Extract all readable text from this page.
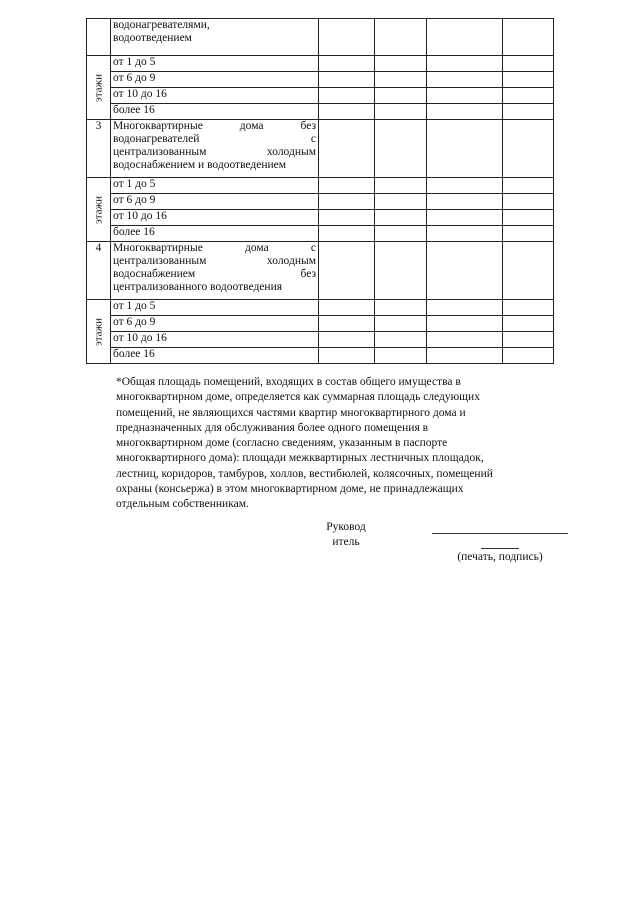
	водонагревателями,
водоотведением				

этажи	от 1 до 5				
	от 6 до 9				
	от 10 до 16				
	более 16				
3	Многоквартирные дома без
водонагревателей с
централизованным холодным
водоснабжением и водоотведением				

этажи	от 1 до 5				
	от 6 до 9				
	от 10 до 16				
	более 16				
4	Многоквартирные дома с
централизованным холодным
водоснабжением без
централизованного водоотведения				

этажи	от 1 до 5				
	от 6 до 9				
	от 10 до 16				
	более 16				

*Общая площадь помещений, входящих в состав общего имущества в многоквартирном доме, определяется как суммарная площадь следующих помещений, не являющихся частями квартир многоквартирного дома и предназначенных для обслуживания более одного помещения в многоквартирном доме (согласно сведениям, указанным в паспорте многоквартирного дома): площади межквартирных лестничных площадок, лестниц, коридоров, тамбуров, холлов, вестибюлей, колясочных, помещений охраны (консьержа) в этом многоквартирном доме, не принадлежащих отдельным собственникам.

Руковод
итель
(печать, подпись)
